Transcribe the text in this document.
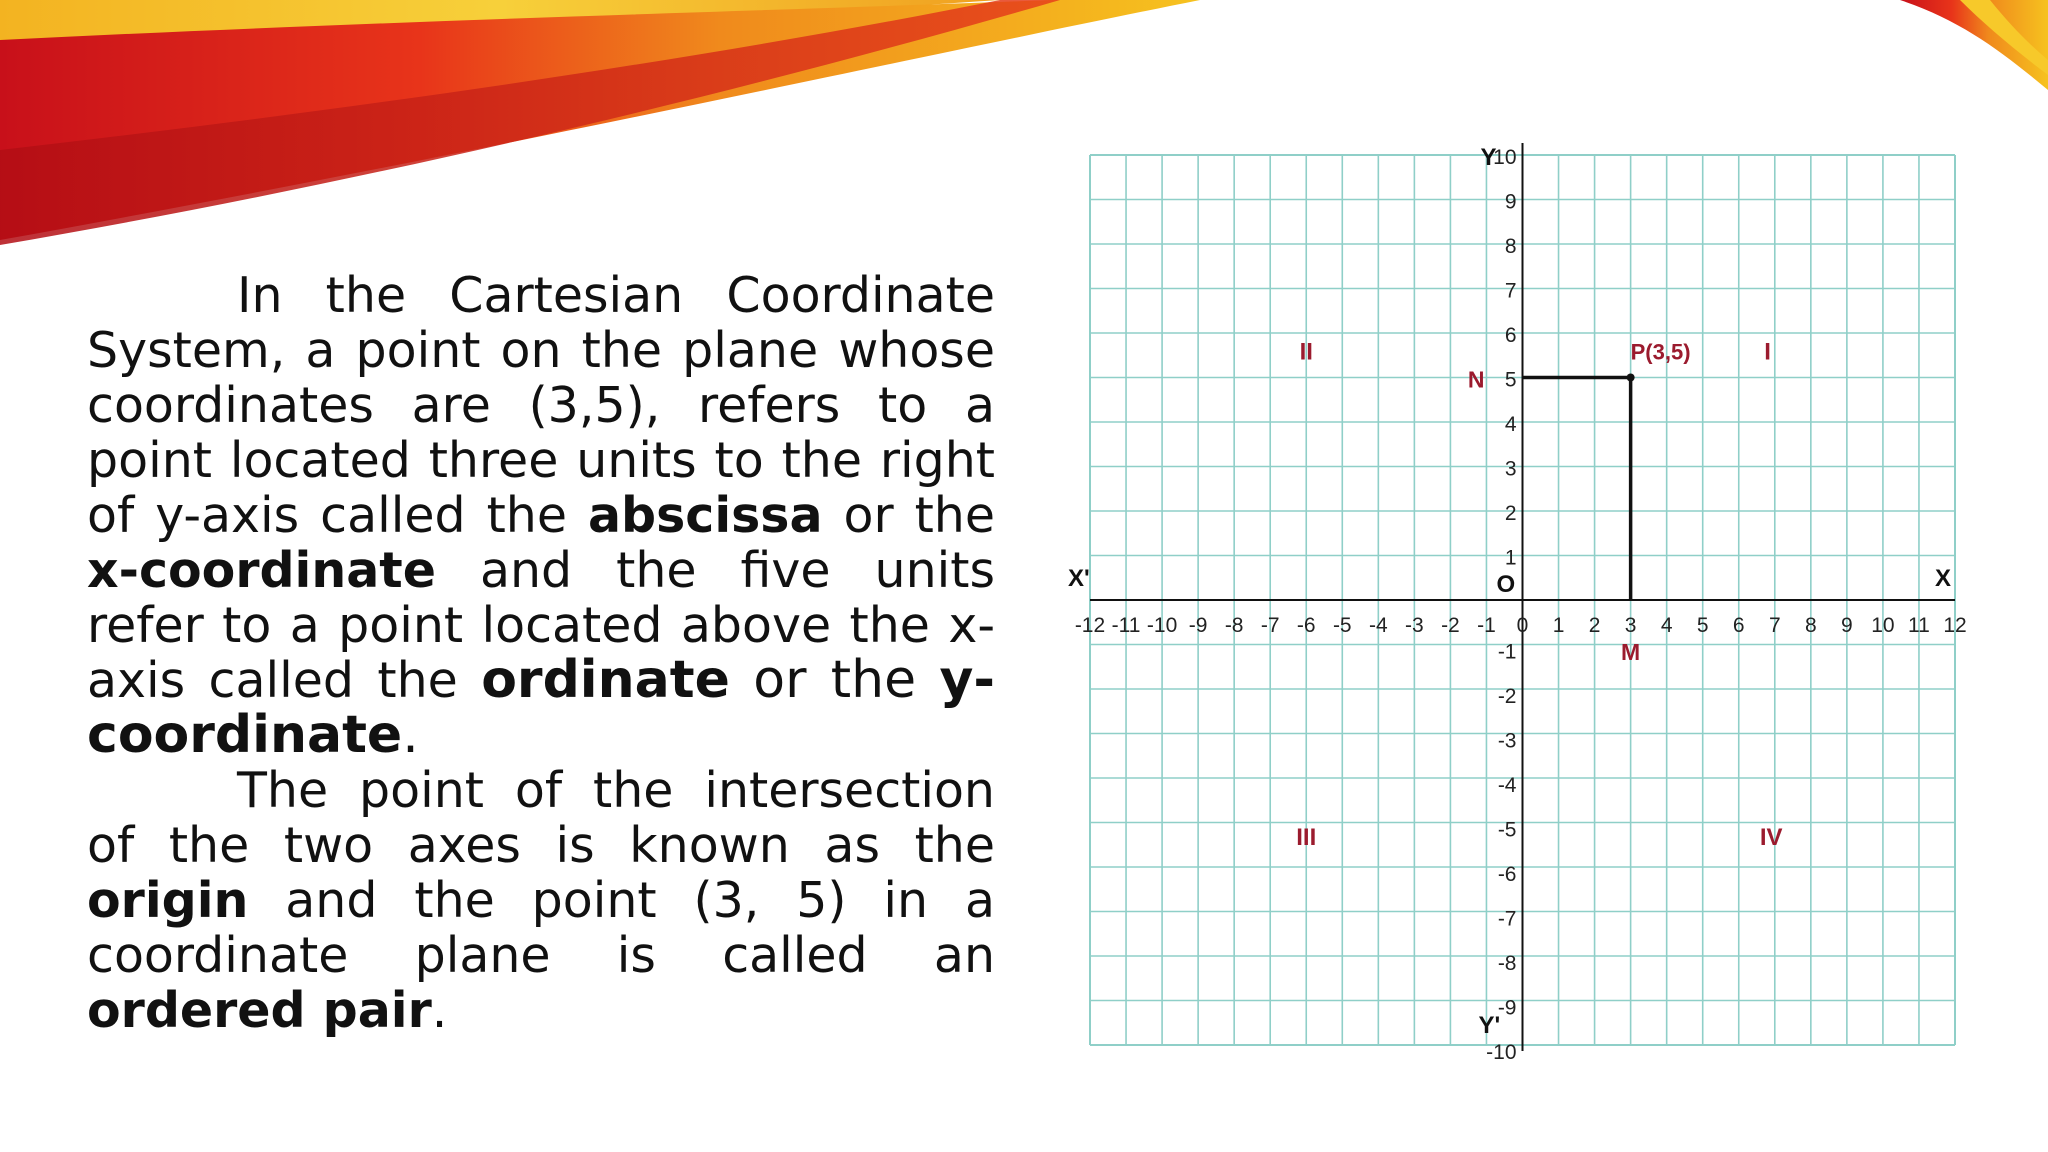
In the Cartesian Coordinate System, a point on the plane whose coordinates are (3,5), refers to a point located three units to the right of y-axis called the abscissa or the x-coordinate and the five units refer to a point located above the x-axis called the ordinate or the y-coordinate.

The point of the intersection of the two axes is known as the origin and the point (3, 5) in a coordinate plane is called an ordered pair.

-12 -11 -10 -9 -8 -7 -6 -5 -4 -3 -2 -1 0 1 2 3 4 5 6 7 8 9 10 11 12
10
9
8
7
6
5
4
3
2
1
-1
-2
-3
-4
-5
-6
-7
-8
-9
-10
X
X'
Y
Y'
O
P(3,5)
M
N
I
II
III	IV
